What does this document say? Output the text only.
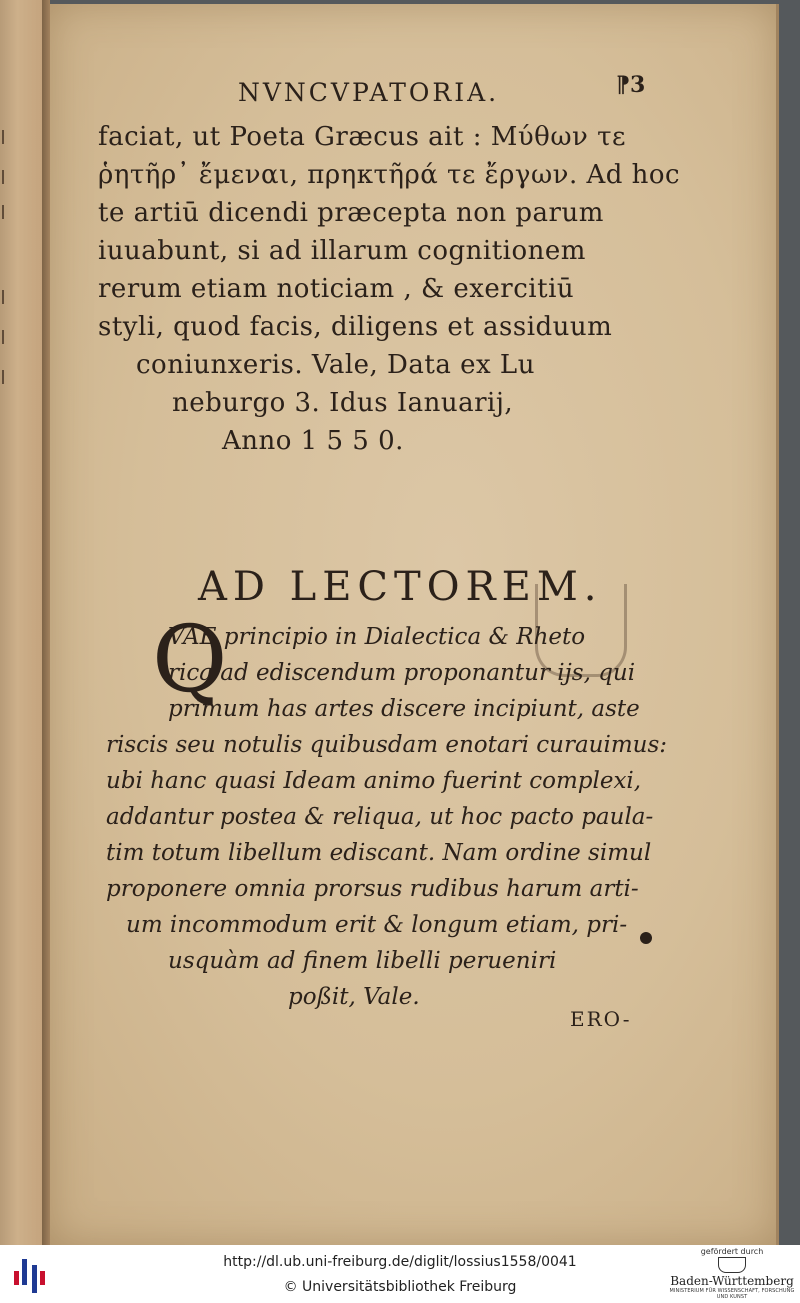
NVNCVPATORIA.	⁋3
faciat, ut Poeta Græcus ait : Μύθων τε
ῥητῆρ᾽ ἔμεναι, πρηκτῆρά τε ἔργων. Ad hoc
te artiū dicendi præcepta non parum
iuuabunt, si ad illarum cognitionem
rerum etiam noticiam , & exercitiū
styli, quod facis, diligens et assiduum
coniunxeris. Vale, Data ex Lu
neburgo 3. Idus Ianuarij,
Anno 1 5 5 0.
AD LECTOREM.
Q
VAE principio in Dialectica & Rheto
rica ad ediscendum proponantur ijs, qui
primum has artes discere incipiunt, aste
riscis seu notulis quibusdam enotari curauimus:
ubi hanc quasi Ideam animo fuerint complexi,
addantur postea & reliqua, ut hoc pacto paula-
tim totum libellum ediscant. Nam ordine simul
proponere omnia prorsus rudibus harum arti-
um incommodum erit & longum etiam, pri-
usquàm ad finem libelli perueniri
poßit, Vale.
ERO-
http://dl.ub.uni-freiburg.de/diglit/lossius1558/0041
© Universitätsbibliothek Freiburg
gefördert durch
Baden-Württemberg
MINISTERIUM FÜR WISSENSCHAFT, FORSCHUNG UND KUNST
